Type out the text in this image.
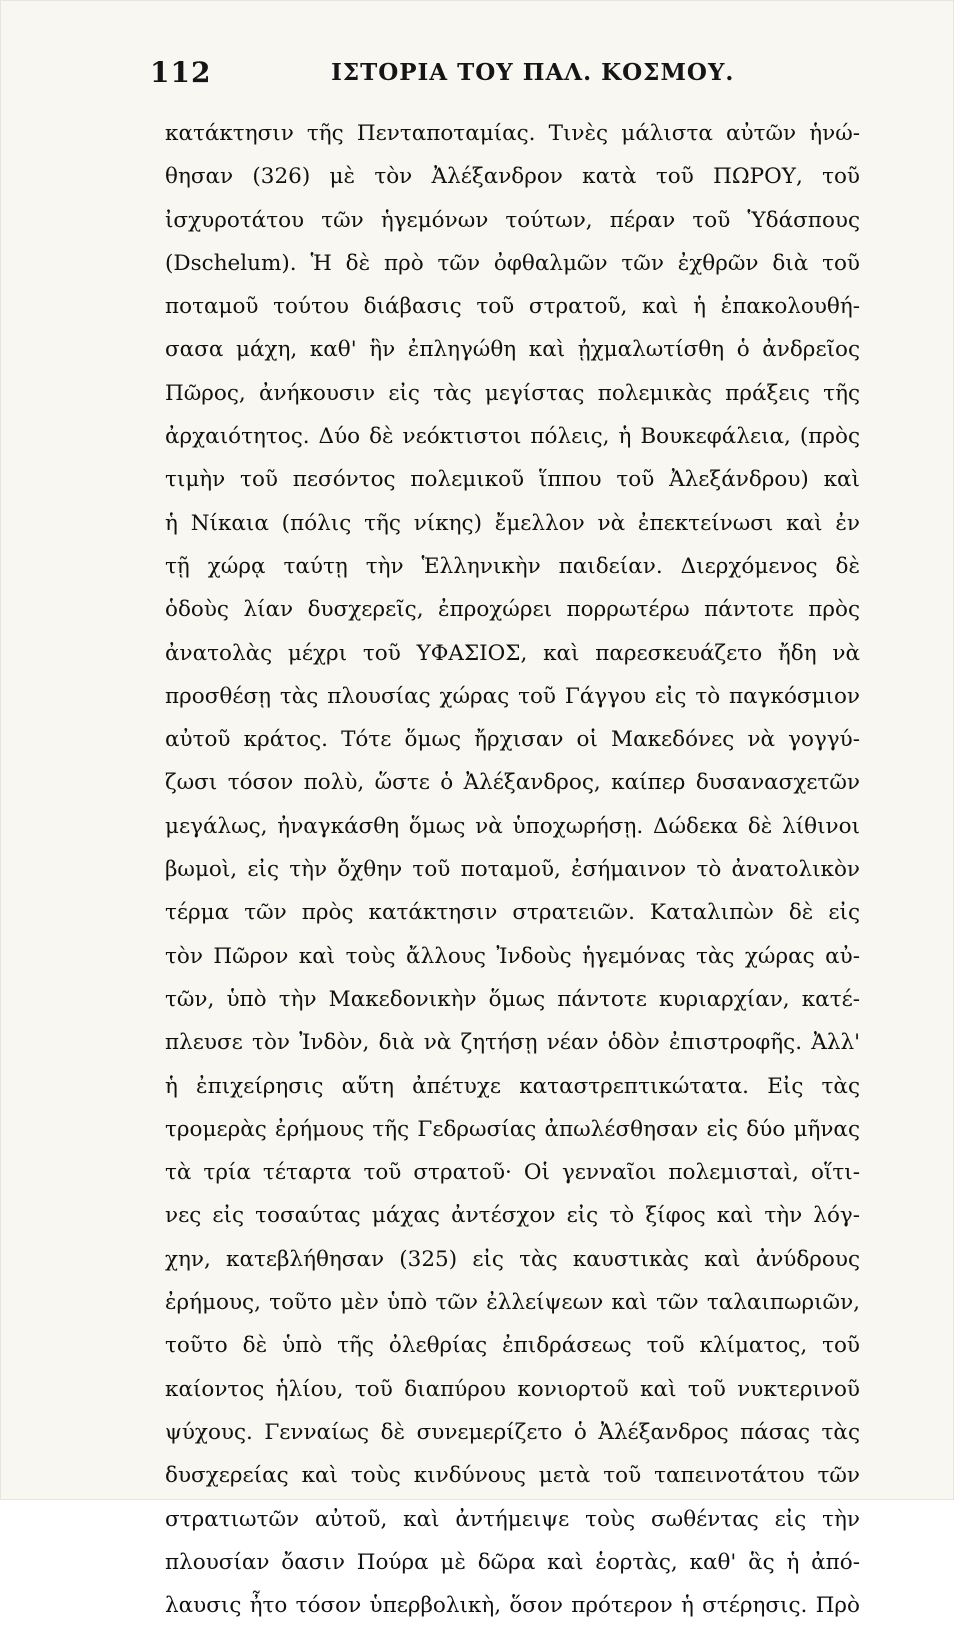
112	ΙΣΤΟΡΙΑ ΤΟΥ ΠΑΛ. ΚΟΣΜΟΥ.
κατάκτησιν τῆς Πενταποταμίας. Τινὲς μάλιστα αὐτῶν ἡνώ-
θησαν (326) μὲ τὸν Ἀλέξανδρον κατὰ τοῦ ΠΩΡΟΥ, τοῦ
ἰσχυροτάτου τῶν ἡγεμόνων τούτων, πέραν τοῦ Ὑδάσπους
(Dschelum). Ἡ δὲ πρὸ τῶν ὀφθαλμῶν τῶν ἐχθρῶν διὰ τοῦ
ποταμοῦ τούτου διάβασις τοῦ στρατοῦ, καὶ ἡ ἐπακολουθή-
σασα μάχη, καθ' ἣν ἐπληγώθη καὶ ᾐχμαλωτίσθη ὁ ἀνδρεῖος
Πῶρος, ἀνήκουσιν εἰς τὰς μεγίστας πολεμικὰς πράξεις τῆς
ἀρχαιότητος. Δύο δὲ νεόκτιστοι πόλεις, ἡ Βουκεφάλεια, (πρὸς
τιμὴν τοῦ πεσόντος πολεμικοῦ ἵππου τοῦ Ἀλεξάνδρου) καὶ
ἡ Νίκαια (πόλις τῆς νίκης) ἔμελλον νὰ ἐπεκτείνωσι καὶ ἐν
τῇ χώρᾳ ταύτῃ τὴν Ἑλληνικὴν παιδείαν. Διερχόμενος δὲ
ὁδοὺς λίαν δυσχερεῖς, ἐπροχώρει πορρωτέρω πάντοτε πρὸς
ἀνατολὰς μέχρι τοῦ ΥΦΑΣΙΟΣ, καὶ παρεσκευάζετο ἤδη νὰ
προσθέσῃ τὰς πλουσίας χώρας τοῦ Γάγγου εἰς τὸ παγκόσμιον
αὐτοῦ κράτος. Τότε ὅμως ἤρχισαν οἱ Μακεδόνες νὰ γογγύ-
ζωσι τόσον πολὺ, ὥστε ὁ Ἀλέξανδρος, καίπερ δυσανασχετῶν
μεγάλως, ἠναγκάσθη ὅμως νὰ ὑποχωρήσῃ. Δώδεκα δὲ λίθινοι
βωμοὶ, εἰς τὴν ὄχθην τοῦ ποταμοῦ, ἐσήμαινον τὸ ἀνατολικὸν
τέρμα τῶν πρὸς κατάκτησιν στρατειῶν. Καταλιπὼν δὲ εἰς
τὸν Πῶρον καὶ τοὺς ἄλλους Ἰνδοὺς ἡγεμόνας τὰς χώρας αὐ-
τῶν, ὑπὸ τὴν Μακεδονικὴν ὅμως πάντοτε κυριαρχίαν, κατέ-
πλευσε τὸν Ἰνδὸν, διὰ νὰ ζητήσῃ νέαν ὁδὸν ἐπιστροφῆς. Ἀλλ'
ἡ ἐπιχείρησις αὕτη ἀπέτυχε καταστρεπτικώτατα. Εἰς τὰς
τρομερὰς ἐρήμους τῆς Γεδρωσίας ἀπωλέσθησαν εἰς δύο μῆνας
τὰ τρία τέταρτα τοῦ στρατοῦ· Οἱ γενναῖοι πολεμισταὶ, οἵτι-
νες εἰς τοσαύτας μάχας ἀντέσχον εἰς τὸ ξίφος καὶ τὴν λόγ-
χην, κατεβλήθησαν (325) εἰς τὰς καυστικὰς καὶ ἀνύδρους
ἐρήμους, τοῦτο μὲν ὑπὸ τῶν ἐλλείψεων καὶ τῶν ταλαιπωριῶν,
τοῦτο δὲ ὑπὸ τῆς ὀλεθρίας ἐπιδράσεως τοῦ κλίματος, τοῦ
καίοντος ἡλίου, τοῦ διαπύρου κονιορτοῦ καὶ τοῦ νυκτερινοῦ
ψύχους. Γενναίως δὲ συνεμερίζετο ὁ Ἀλέξανδρος πάσας τὰς
δυσχερείας καὶ τοὺς κινδύνους μετὰ τοῦ ταπεινοτάτου τῶν
στρατιωτῶν αὐτοῦ, καὶ ἀντήμειψε τοὺς σωθέντας εἰς τὴν
πλουσίαν ὄασιν Πούρα μὲ δῶρα καὶ ἑορτὰς, καθ' ἃς ἡ ἀπό-
λαυσις ἦτο τόσον ὑπερβολικὴ, ὅσον πρότερον ἡ στέρησις. Πρὸ
